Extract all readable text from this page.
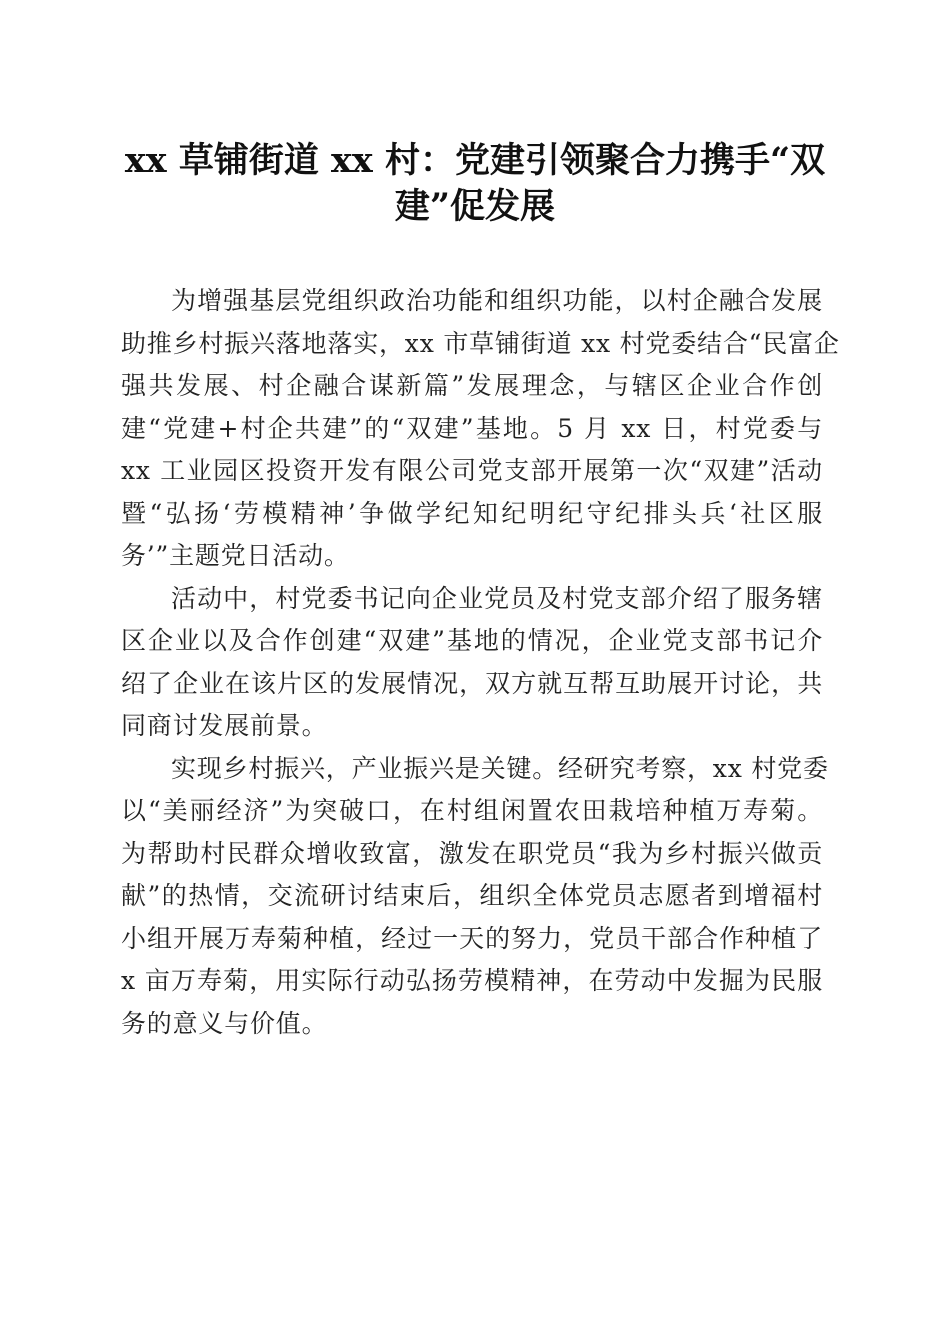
xx 草铺街道 xx 村：党建引领聚合力携手“双
建”促发展

为增强基层党组织政治功能和组织功能，以村企融合发展
助推乡村振兴落地落实，xx 市草铺街道 xx 村党委结合“民富企
强共发展、村企融合谋新篇”发展理念，与辖区企业合作创
建“党建+村企共建”的“双建”基地。5 月 xx 日，村党委与
xx 工业园区投资开发有限公司党支部开展第一次“双建”活动
暨“弘扬‘劳模精神’争做学纪知纪明纪守纪排头兵‘社区服
务’”主题党日活动。

活动中，村党委书记向企业党员及村党支部介绍了服务辖
区企业以及合作创建“双建”基地的情况，企业党支部书记介
绍了企业在该片区的发展情况，双方就互帮互助展开讨论，共
同商讨发展前景。

实现乡村振兴，产业振兴是关键。经研究考察，xx 村党委
以“美丽经济”为突破口，在村组闲置农田栽培种植万寿菊。
为帮助村民群众增收致富，激发在职党员“我为乡村振兴做贡
献”的热情，交流研讨结束后，组织全体党员志愿者到增福村
小组开展万寿菊种植，经过一天的努力，党员干部合作种植了
x 亩万寿菊，用实际行动弘扬劳模精神，在劳动中发掘为民服
务的意义与价值。
